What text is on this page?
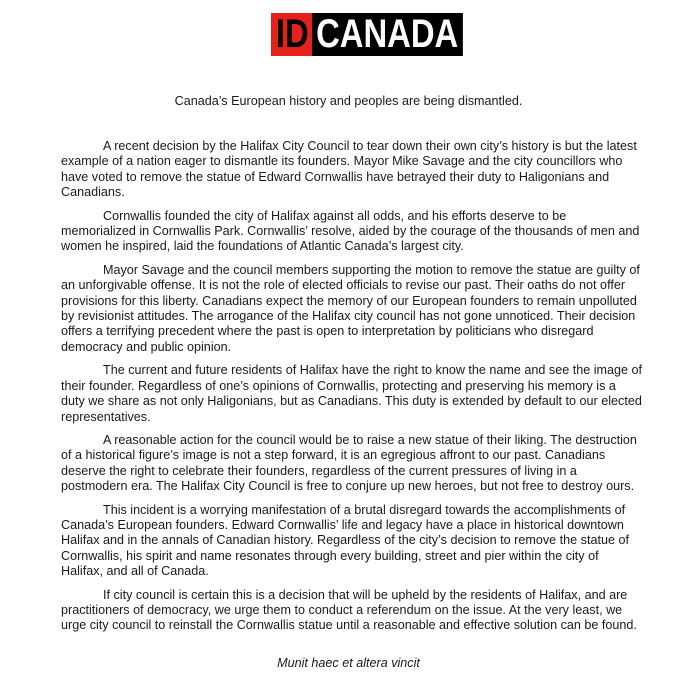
ID CANADA
Canada’s European history and peoples are being dismantled.

A recent decision by the Halifax City Council to tear down their own city’s history is but the latest example of a nation eager to dismantle its founders. Mayor Mike Savage and the city councillors who have voted to remove the statue of Edward Cornwallis have betrayed their duty to Haligonians and Canadians.

Cornwallis founded the city of Halifax against all odds, and his efforts deserve to be memorialized in Cornwallis Park. Cornwallis’ resolve, aided by the courage of the thousands of men and women he inspired, laid the foundations of Atlantic Canada’s largest city.

Mayor Savage and the council members supporting the motion to remove the statue are guilty of an unforgivable offense. It is not the role of elected officials to revise our past. Their oaths do not offer provisions for this liberty. Canadians expect the memory of our European founders to remain unpolluted by revisionist attitudes. The arrogance of the Halifax city council has not gone unnoticed. Their decision offers a terrifying precedent where the past is open to interpretation by politicians who disregard democracy and public opinion.

The current and future residents of Halifax have the right to know the name and see the image of their founder. Regardless of one’s opinions of Cornwallis, protecting and preserving his memory is a duty we share as not only Haligonians, but as Canadians. This duty is extended by default to our elected representatives.

A reasonable action for the council would be to raise a new statue of their liking. The destruction of a historical figure’s image is not a step forward, it is an egregious affront to our past. Canadians deserve the right to celebrate their founders, regardless of the current pressures of living in a postmodern era. The Halifax City Council is free to conjure up new heroes, but not free to destroy ours.

This incident is a worrying manifestation of a brutal disregard towards the accomplishments of Canada’s European founders. Edward Cornwallis’ life and legacy have a place in historical downtown Halifax and in the annals of Canadian history. Regardless of the city’s decision to remove the statue of Cornwallis, his spirit and name resonates through every building, street and pier within the city of Halifax, and all of Canada.

If city council is certain this is a decision that will be upheld by the residents of Halifax, and are practitioners of democracy, we urge them to conduct a referendum on the issue. At the very least, we urge city council to reinstall the Cornwallis statue until a reasonable and effective solution can be found.

Munit haec et altera vincit
